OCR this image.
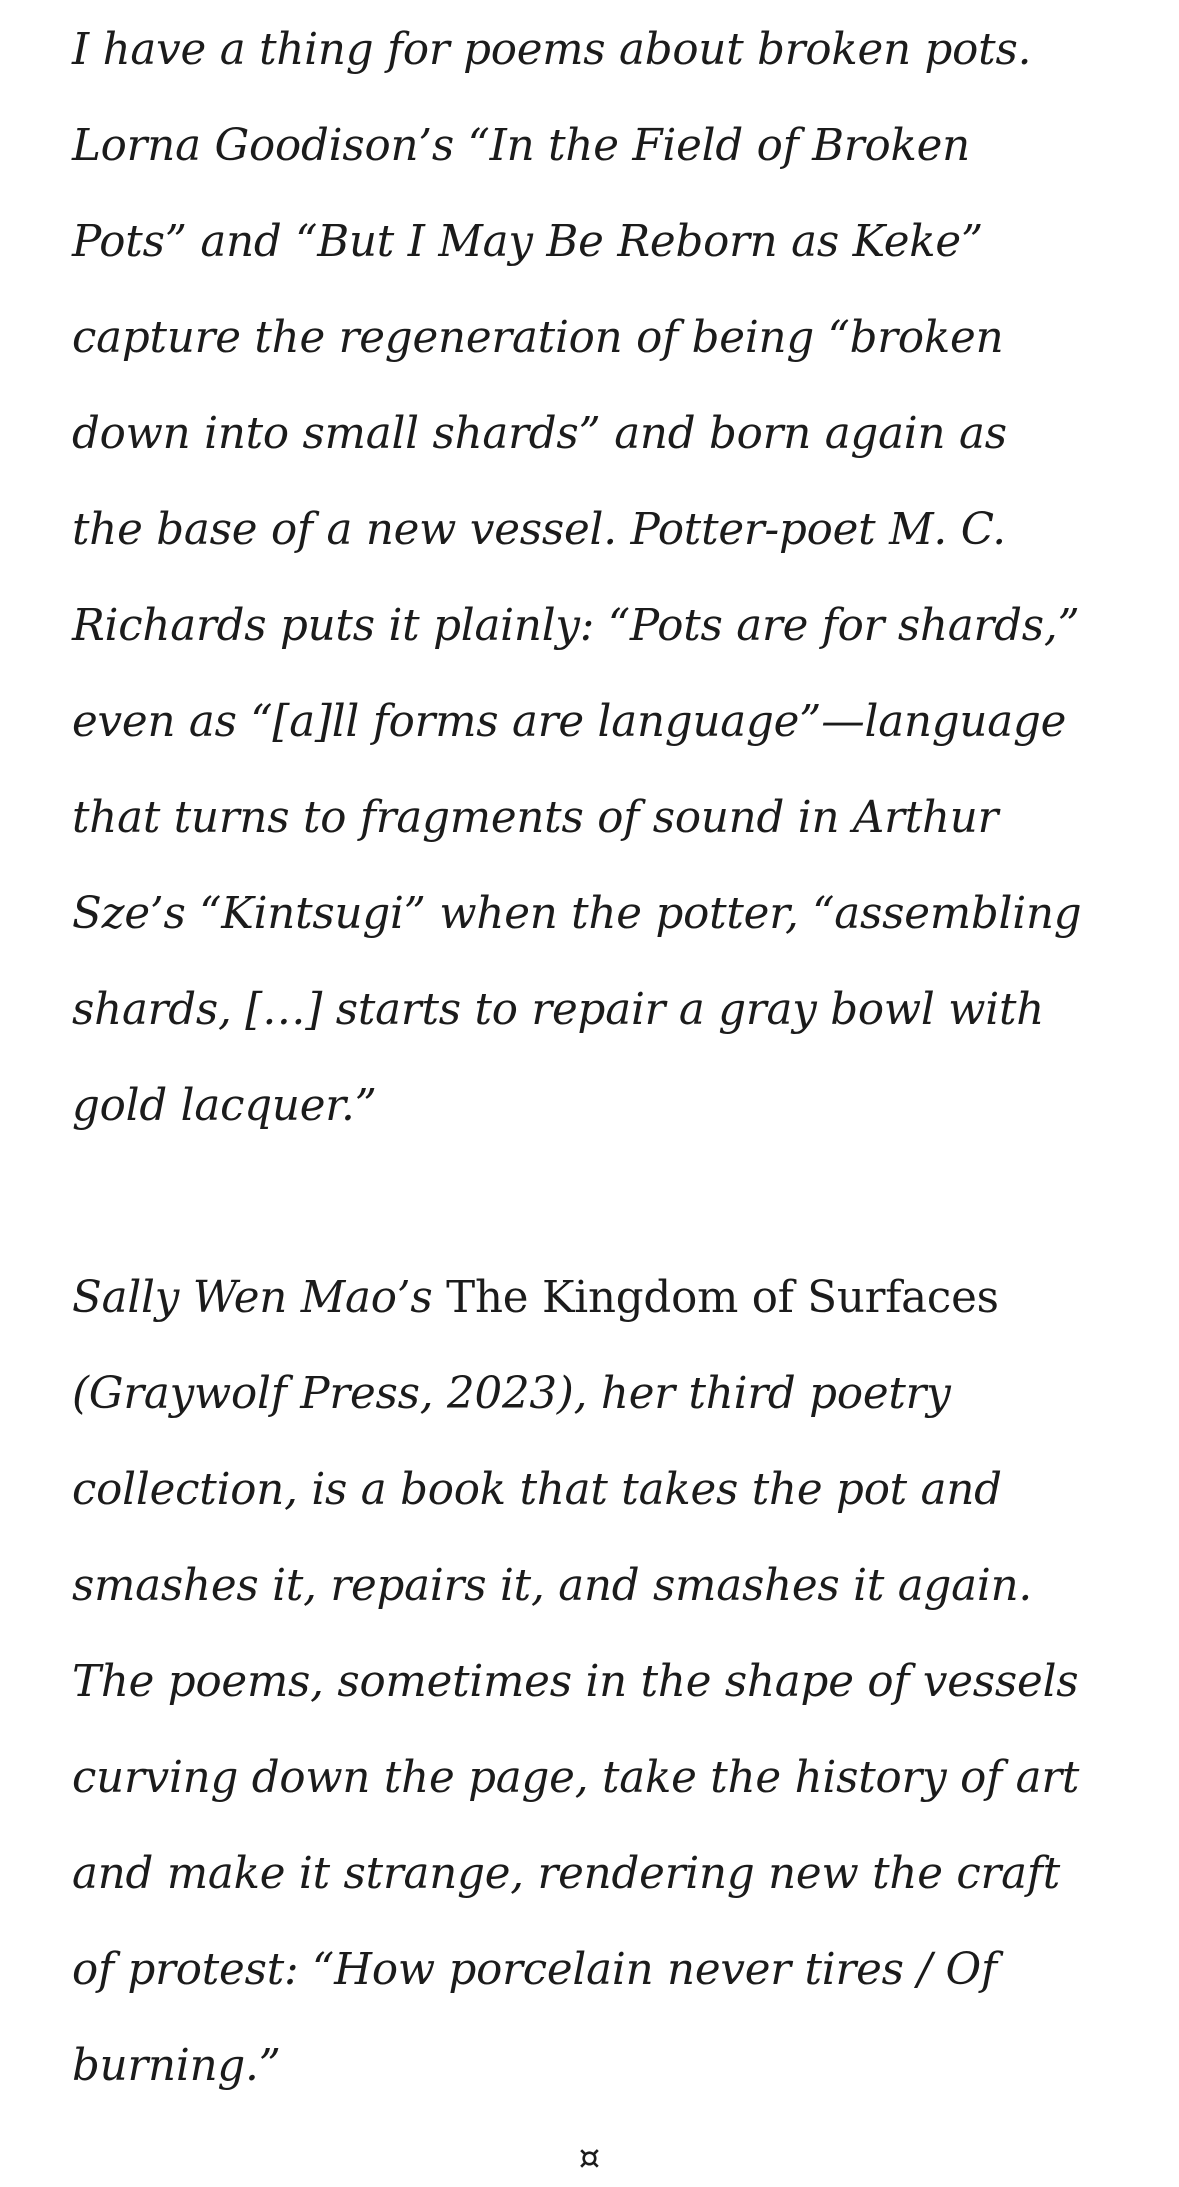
I have a thing for poems about broken pots.
Lorna Goodison’s “In the Field of Broken
Pots” and “But I May Be Reborn as Keke”
capture the regeneration of being “broken
down into small shards” and born again as
the base of a new vessel. Potter-poet M. C.
Richards puts it plainly: “Pots are for shards,”
even as “[a]ll forms are language”—language
that turns to fragments of sound in Arthur
Sze’s “Kintsugi” when the potter, “assembling
shards, […] starts to repair a gray bowl with
gold lacquer.”

Sally Wen Mao’s The Kingdom of Surfaces
(Graywolf Press, 2023), her third poetry
collection, is a book that takes the pot and
smashes it, repairs it, and smashes it again.
The poems, sometimes in the shape of vessels
curving down the page, take the history of art
and make it strange, rendering new the craft
of protest: “How porcelain never tires / Of
burning.”

¤
